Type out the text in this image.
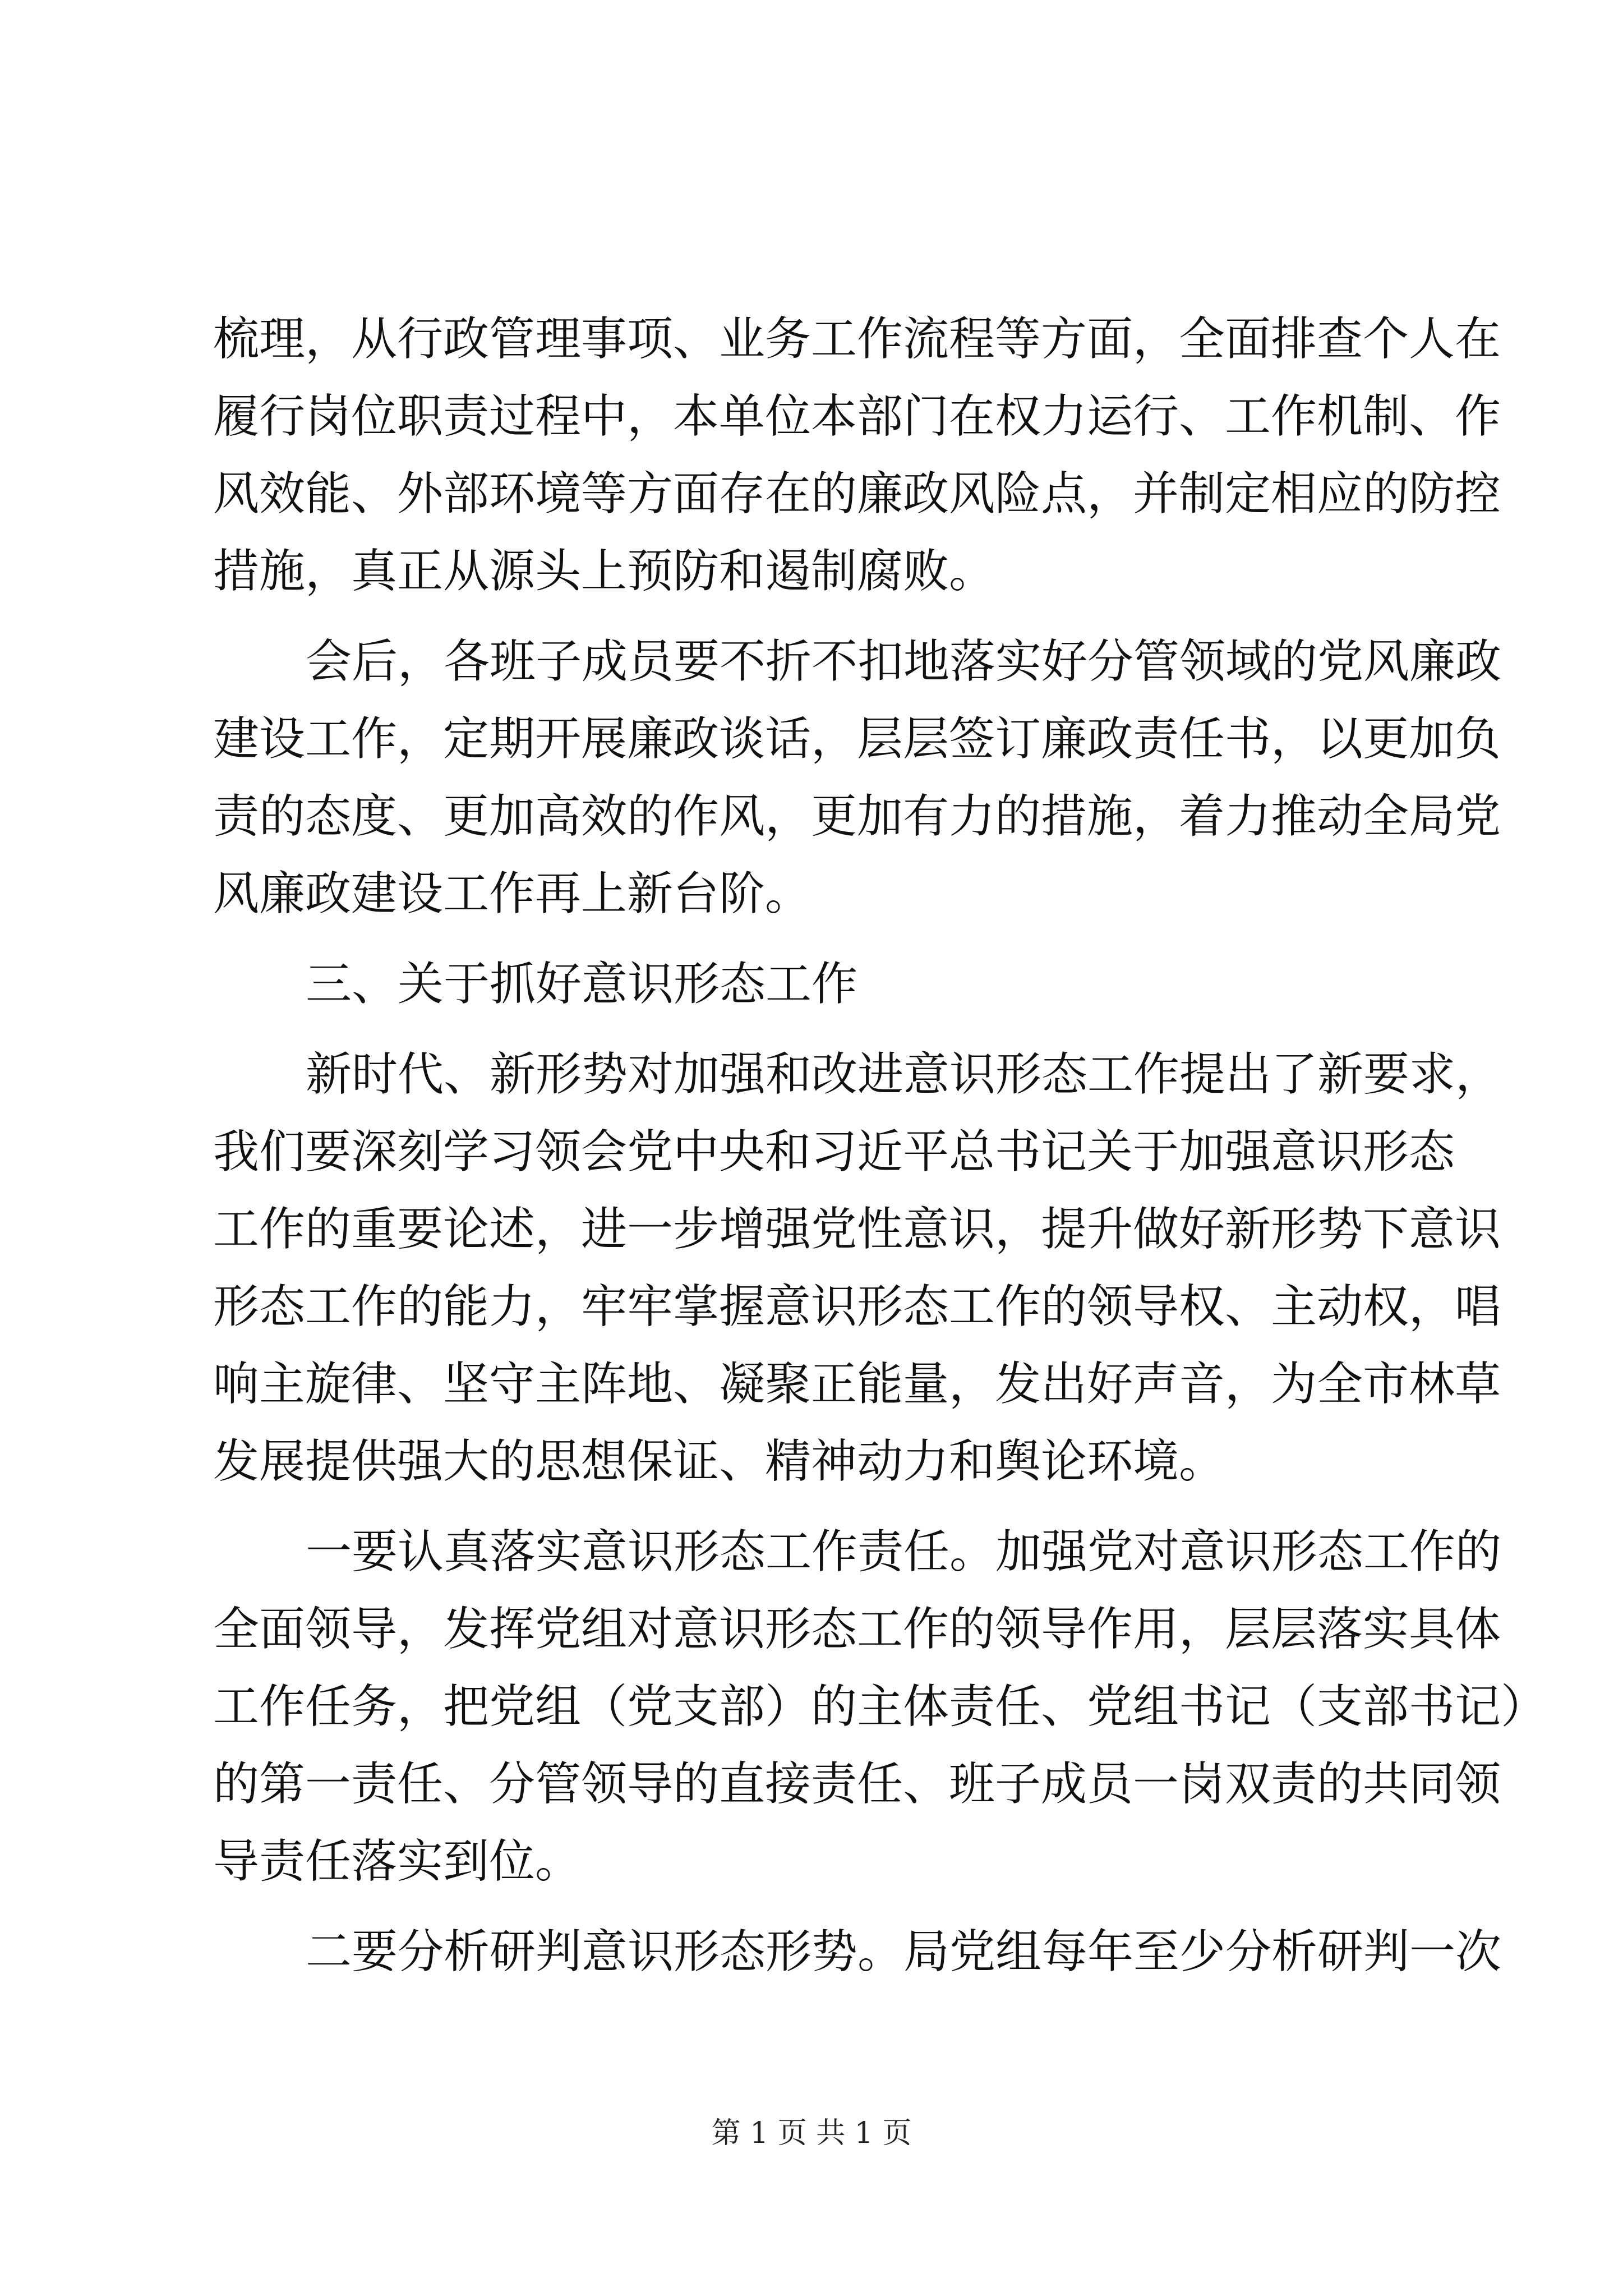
梳理，从行政管理事项、业务工作流程等方面，全面排查个人在
履行岗位职责过程中，本单位本部门在权力运行、工作机制、作
风效能、外部环境等方面存在的廉政风险点，并制定相应的防控
措施，真正从源头上预防和遏制腐败。
会后，各班子成员要不折不扣地落实好分管领域的党风廉政
建设工作，定期开展廉政谈话，层层签订廉政责任书，以更加负
责的态度、更加高效的作风，更加有力的措施，着力推动全局党
风廉政建设工作再上新台阶。
三、关于抓好意识形态工作
新时代、新形势对加强和改进意识形态工作提出了新要求，
我们要深刻学习领会党中央和习近平总书记关于加强意识形态
工作的重要论述，进一步增强党性意识，提升做好新形势下意识
形态工作的能力，牢牢掌握意识形态工作的领导权、主动权，唱
响主旋律、坚守主阵地、凝聚正能量，发出好声音，为全市林草
发展提供强大的思想保证、精神动力和舆论环境。
一要认真落实意识形态工作责任。加强党对意识形态工作的
全面领导，发挥党组对意识形态工作的领导作用，层层落实具体
工作任务，把党组（党支部）的主体责任、党组书记（支部书记）
的第一责任、分管领导的直接责任、班子成员一岗双责的共同领
导责任落实到位。
二要分析研判意识形态形势。局党组每年至少分析研判一次
第 1 页 共 1 页
